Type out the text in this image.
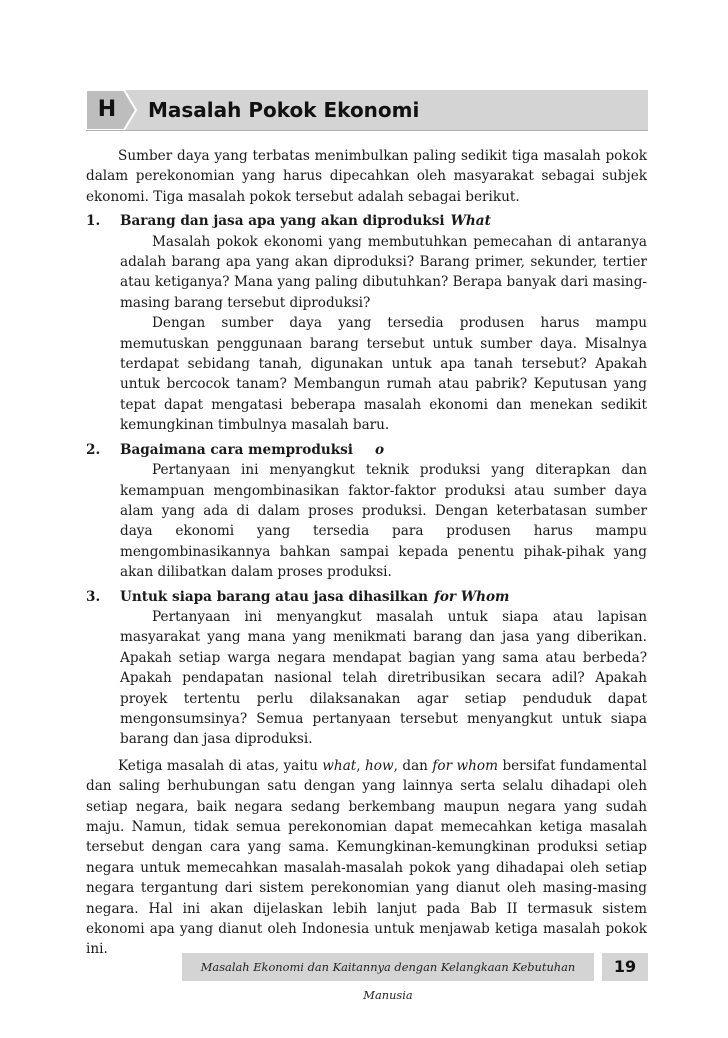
H	Masalah Pokok Ekonomi

Sumber daya yang terbatas menimbulkan paling sedikit tiga masalah pokok dalam perekonomian yang harus dipecahkan oleh masyarakat sebagai subjek ekonomi. Tiga masalah pokok tersebut adalah sebagai berikut.

1. Barang dan jasa apa yang akan diproduksi What

Masalah pokok ekonomi yang membutuhkan pemecahan di antaranya adalah barang apa yang akan diproduksi? Barang primer, sekunder, tertier atau ketiganya? Mana yang paling dibutuhkan? Berapa banyak dari masing-masing barang tersebut diproduksi?

Dengan sumber daya yang tersedia produsen harus mampu memutuskan penggunaan barang tersebut untuk sumber daya. Misalnya terdapat sebidang tanah, digunakan untuk apa tanah tersebut? Apakah untuk bercocok tanam? Membangun rumah atau pabrik? Keputusan yang tepat dapat mengatasi beberapa masalah ekonomi dan menekan sedikit kemungkinan timbulnya masalah baru.

2. Bagaimana cara memproduksi o

Pertanyaan ini menyangkut teknik produksi yang diterapkan dan kemampuan mengombinasikan faktor-faktor produksi atau sumber daya alam yang ada di dalam proses produksi. Dengan keterbatasan sumber daya ekonomi yang tersedia para produsen harus mampu mengombinasikannya bahkan sampai kepada penentu pihak-pihak yang akan dilibatkan dalam proses produksi.

3. Untuk siapa barang atau jasa dihasilkan for Whom

Pertanyaan ini menyangkut masalah untuk siapa atau lapisan masyarakat yang mana yang menikmati barang dan jasa yang diberikan. Apakah setiap warga negara mendapat bagian yang sama atau berbeda? Apakah pendapatan nasional telah diretribusikan secara adil? Apakah proyek tertentu perlu dilaksanakan agar setiap penduduk dapat mengonsumsinya? Semua pertanyaan tersebut menyangkut untuk siapa barang dan jasa diproduksi.

Ketiga masalah di atas, yaitu what, how, dan for whom bersifat fundamental dan saling berhubungan satu dengan yang lainnya serta selalu dihadapi oleh setiap negara, baik negara sedang berkembang maupun negara yang sudah maju. Namun, tidak semua perekonomian dapat memecahkan ketiga masalah tersebut dengan cara yang sama. Kemungkinan-kemungkinan produksi setiap negara untuk memecahkan masalah-masalah pokok yang dihadapai oleh setiap negara tergantung dari sistem perekonomian yang dianut oleh masing-masing negara. Hal ini akan dijelaskan lebih lanjut pada Bab II termasuk sistem ekonomi apa yang dianut oleh Indonesia untuk menjawab ketiga masalah pokok ini.

Masalah Ekonomi dan Kaitannya dengan Kelangkaan Kebutuhan Manusia
19
